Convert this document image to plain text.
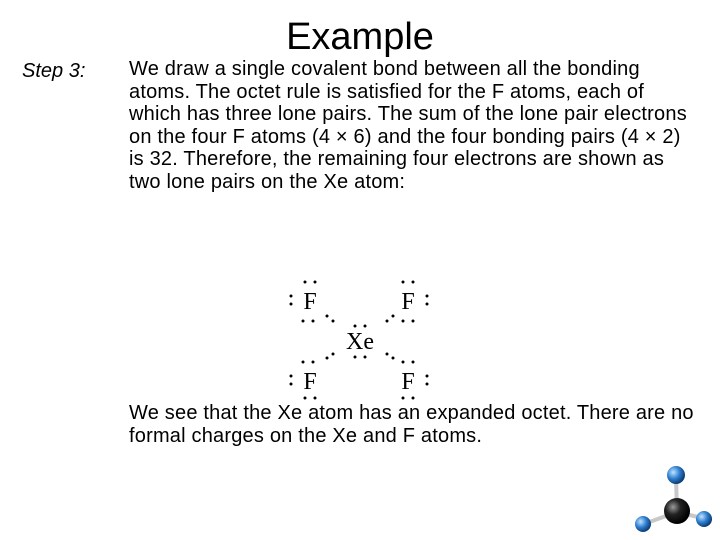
Example
Step 3: We draw a single covalent bond between all the bonding atoms. The octet rule is satisfied for the F atoms, each of which has three lone pairs. The sum of the lone pair electrons on the four F atoms (4 × 6) and the four bonding pairs (4 × 2) is 32. Therefore, the remaining four electrons are shown as two lone pairs on the Xe atom:
F	F
Xe
F	F
We see that the Xe atom has an expanded octet. There are no formal charges on the Xe and F atoms.
